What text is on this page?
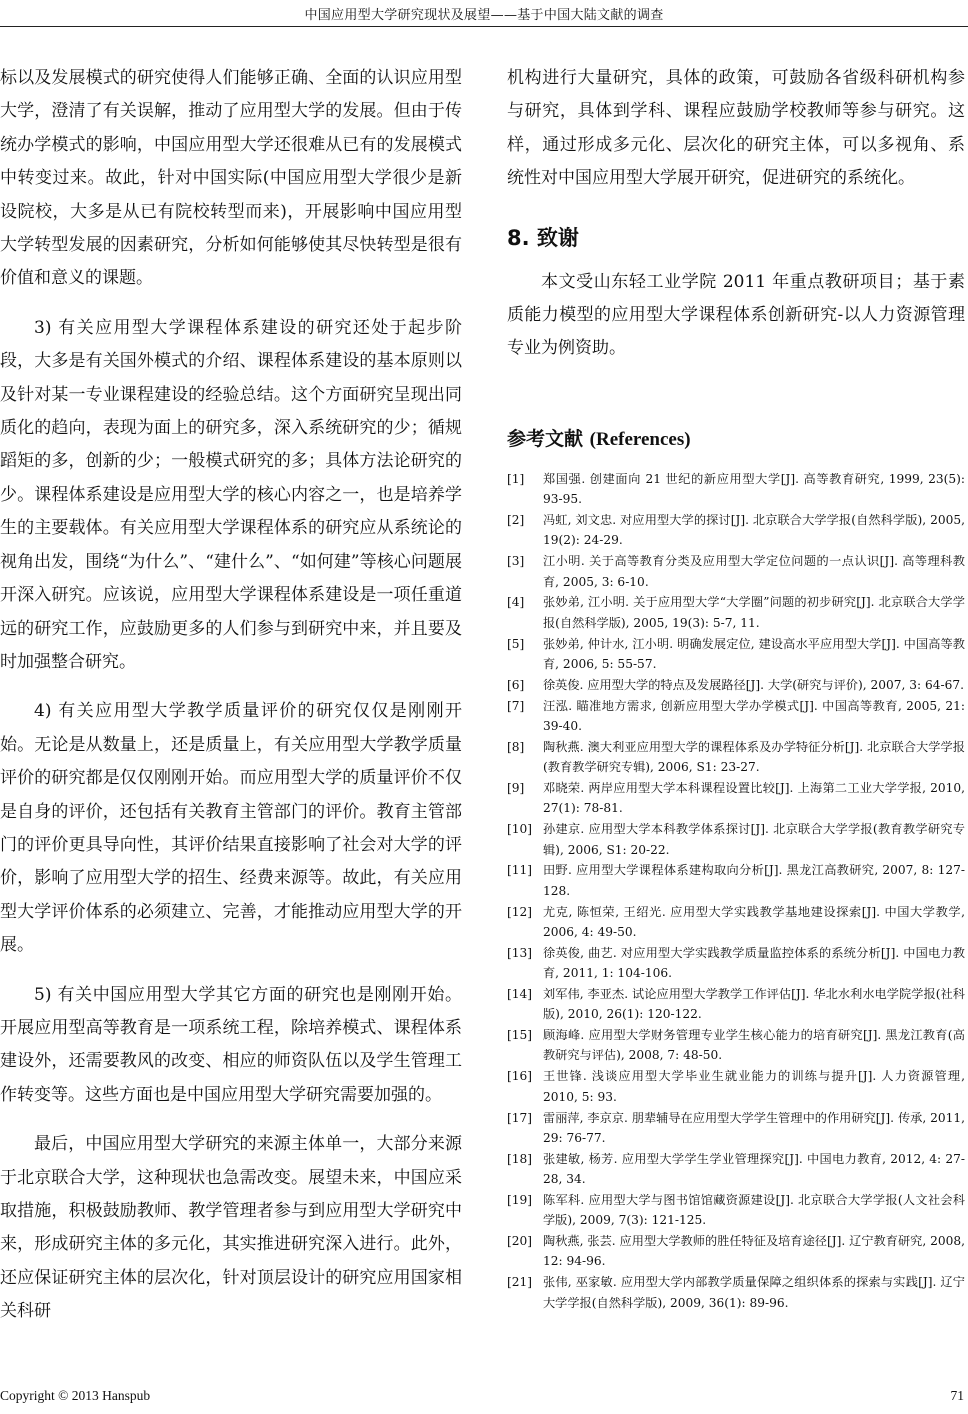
中国应用型大学研究现状及展望——基于中国大陆文献的调查

标以及发展模式的研究使得人们能够正确、全面的认识应用型大学，澄清了有关误解，推动了应用型大学的发展。但由于传统办学模式的影响，中国应用型大学还很难从已有的发展模式中转变过来。故此，针对中国实际(中国应用型大学很少是新设院校，大多是从已有院校转型而来)，开展影响中国应用型大学转型发展的因素研究，分析如何能够使其尽快转型是很有价值和意义的课题。

3) 有关应用型大学课程体系建设的研究还处于起步阶段，大多是有关国外模式的介绍、课程体系建设的基本原则以及针对某一专业课程建设的经验总结。这个方面研究呈现出同质化的趋向，表现为面上的研究多，深入系统研究的少；循规蹈矩的多，创新的少；一般模式研究的多；具体方法论研究的少。课程体系建设是应用型大学的核心内容之一，也是培养学生的主要载体。有关应用型大学课程体系的研究应从系统论的视角出发，围绕“为什么”、“建什么”、“如何建”等核心问题展开深入研究。应该说，应用型大学课程体系建设是一项任重道远的研究工作，应鼓励更多的人们参与到研究中来，并且要及时加强整合研究。

4) 有关应用型大学教学质量评价的研究仅仅是刚刚开始。无论是从数量上，还是质量上，有关应用型大学教学质量评价的研究都是仅仅刚刚开始。而应用型大学的质量评价不仅是自身的评价，还包括有关教育主管部门的评价。教育主管部门的评价更具导向性，其评价结果直接影响了社会对大学的评价，影响了应用型大学的招生、经费来源等。故此，有关应用型大学评价体系的必须建立、完善，才能推动应用型大学的开展。

5) 有关中国应用型大学其它方面的研究也是刚刚开始。开展应用型高等教育是一项系统工程，除培养模式、课程体系建设外，还需要教风的改变、相应的师资队伍以及学生管理工作转变等。这些方面也是中国应用型大学研究需要加强的。

最后，中国应用型大学研究的来源主体单一，大部分来源于北京联合大学，这种现状也急需改变。展望未来，中国应采取措施，积极鼓励教师、教学管理者参与到应用型大学研究中来，形成研究主体的多元化，其实推进研究深入进行。此外，还应保证研究主体的层次化，针对顶层设计的研究应用国家相关科研

机构进行大量研究，具体的政策，可鼓励各省级科研机构参与研究，具体到学科、课程应鼓励学校教师等参与研究。这样，通过形成多元化、层次化的研究主体，可以多视角、系统性对中国应用型大学展开研究，促进研究的系统化。

8. 致谢

本文受山东轻工业学院 2011 年重点教研项目；基于素质能力模型的应用型大学课程体系创新研究-以人力资源管理专业为例资助。

参考文献 (References)
[1]	郑国强. 创建面向 21 世纪的新应用型大学[J]. 高等教育研究, 1999, 23(5): 93-95.
[2]	冯虹, 刘文忠. 对应用型大学的探讨[J]. 北京联合大学学报(自然科学版), 2005, 19(2): 24-29.
[3]	江小明. 关于高等教育分类及应用型大学定位问题的一点认识[J]. 高等理科教育, 2005, 3: 6-10.
[4]	张妙弟, 江小明. 关于应用型大学“大学圈”问题的初步研究[J]. 北京联合大学学报(自然科学版), 2005, 19(3): 5-7, 11.
[5]	张妙弟, 仲计水, 江小明. 明确发展定位, 建设高水平应用型大学[J]. 中国高等教育, 2006, 5: 55-57.
[6]	徐英俊. 应用型大学的特点及发展路径[J]. 大学(研究与评价), 2007, 3: 64-67.
[7]	汪泓. 瞄准地方需求, 创新应用型大学办学模式[J]. 中国高等教育, 2005, 21: 39-40.
[8]	陶秋燕. 澳大利亚应用型大学的课程体系及办学特征分析[J]. 北京联合大学学报(教育教学研究专辑), 2006, S1: 23-27.
[9]	邓晓荣. 两岸应用型大学本科课程设置比较[J]. 上海第二工业大学学报, 2010, 27(1): 78-81.
[10] 孙建京. 应用型大学本科教学体系探讨[J]. 北京联合大学学报(教育教学研究专辑), 2006, S1: 20-22.
[11] 田野. 应用型大学课程体系建构取向分析[J]. 黑龙江高教研究, 2007, 8: 127-128.
[12] 尤克, 陈恒荣, 王绍光. 应用型大学实践教学基地建设探索[J]. 中国大学教学, 2006, 4: 49-50.
[13] 徐英俊, 曲艺. 对应用型大学实践教学质量监控体系的系统分析[J]. 中国电力教育, 2011, 1: 104-106.
[14] 刘军伟, 李亚杰. 试论应用型大学教学工作评估[J]. 华北水利水电学院学报(社科版), 2010, 26(1): 120-122.
[15] 顾海峰. 应用型大学财务管理专业学生核心能力的培育研究[J]. 黑龙江教育(高教研究与评估), 2008, 7: 48-50.
[16] 王世锋. 浅谈应用型大学毕业生就业能力的训练与提升[J]. 人力资源管理, 2010, 5: 93.
[17] 雷丽萍, 李京京. 朋辈辅导在应用型大学学生管理中的作用研究[J]. 传承, 2011, 29: 76-77.
[18] 张建敏, 杨芳. 应用型大学学生学业管理探究[J]. 中国电力教育, 2012, 4: 27-28, 34.
[19] 陈军科. 应用型大学与图书馆馆藏资源建设[J]. 北京联合大学学报(人文社会科学版), 2009, 7(3): 121-125.
[20] 陶秋燕, 张芸. 应用型大学教师的胜任特征及培育途径[J]. 辽宁教育研究, 2008, 12: 94-96.
[21] 张伟, 巫家敏. 应用型大学内部教学质量保障之组织体系的探索与实践[J]. 辽宁大学学报(自然科学版), 2009, 36(1): 89-96.
Copyright © 2013 Hanspub	71
